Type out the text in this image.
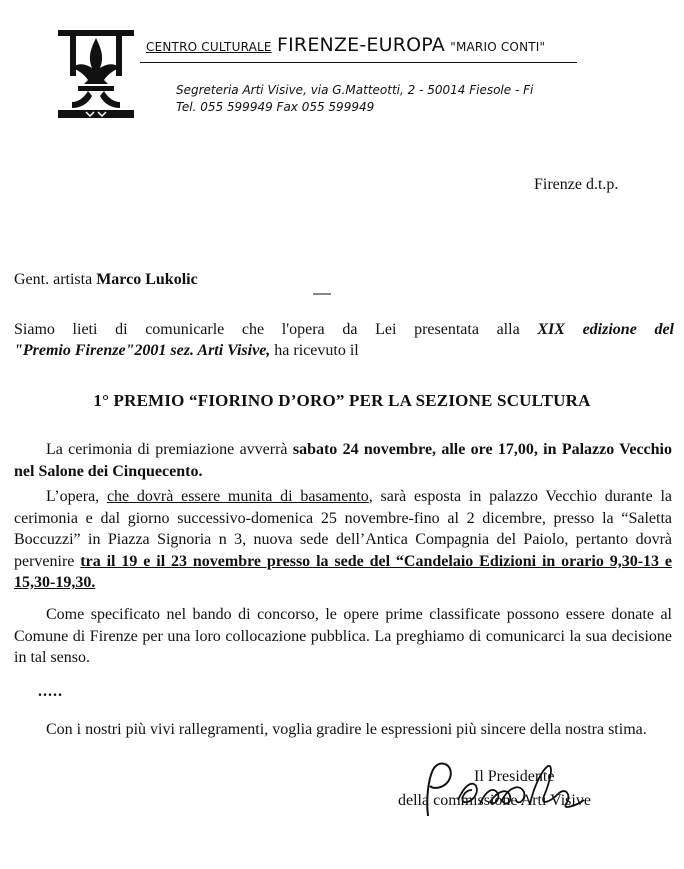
CENTRO CULTURALE FIRENZE-EUROPA "MARIO CONTI"
Segreteria Arti Visive, via G.Matteotti, 2 - 50014 Fiesole - Fi
Tel. 055 599949 Fax 055 599949
Firenze d.t.p.
Gent. artista Marco Lukolic
Siamo lieti di comunicarle che l'opera da Lei presentata alla XIX edizione del
"Premio Firenze"2001 sez. Arti Visive, ha ricevuto il
1° PREMIO “FIORINO D’ORO” PER LA SEZIONE SCULTURA

La cerimonia di premiazione avverrà sabato 24 novembre, alle ore 17,00, in Palazzo Vecchio nel Salone dei Cinquecento.

L’opera, che dovrà essere munita di basamento, sarà esposta in palazzo Vecchio durante la cerimonia e dal giorno successivo-domenica 25 novembre-fino al 2 dicembre, presso la “Saletta Boccuzzi” in Piazza Signoria n 3, nuova sede dell’Antica Compagnia del Paiolo, pertanto dovrà pervenire tra il 19 e il 23 novembre presso la sede del “Candelaio Edizioni in orario 9,30-13 e 15,30-19,30.

Come specificato nel bando di concorso, le opere prime classificate possono essere donate al Comune di Firenze per una loro collocazione pubblica. La preghiamo di comunicarci la sua decisione in tal senso.

.....

Con i nostri più vivi rallegramenti, voglia gradire le espressioni più sincere della nostra stima.

Il Presidente
della commissione Arti Visive
